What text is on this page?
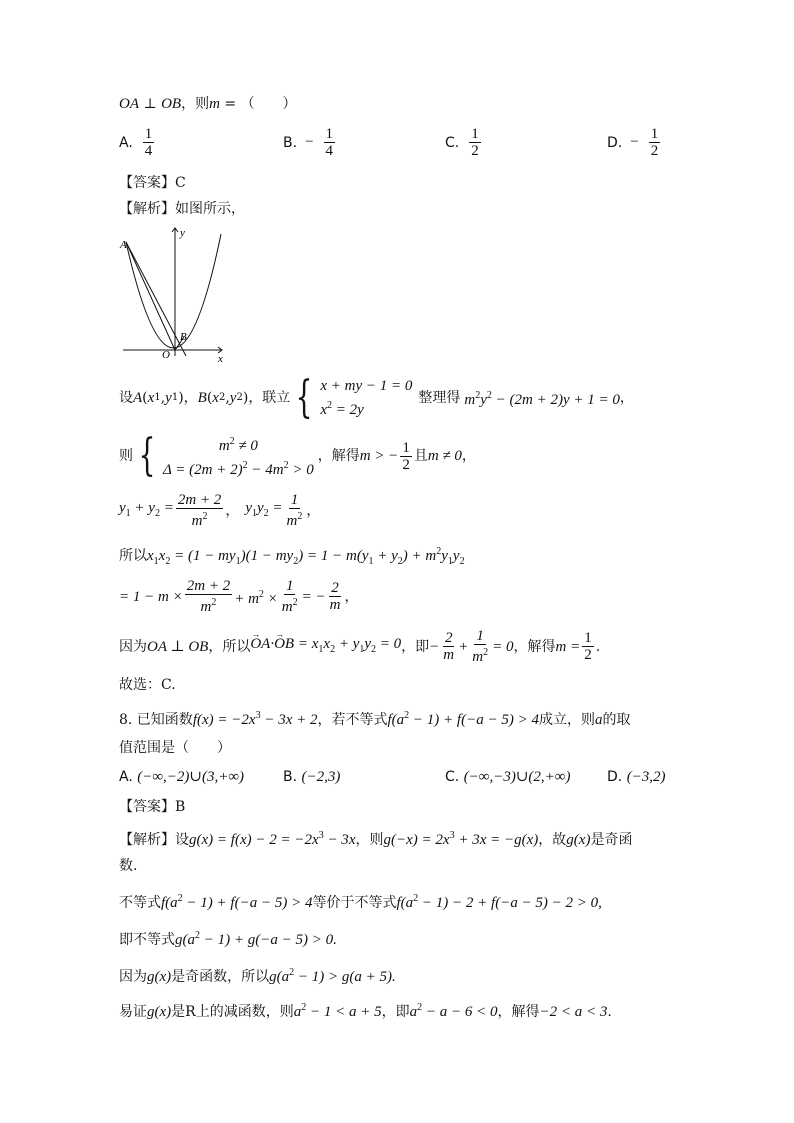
OA ⊥ OB，则m = （　　）
A. $\frac{1}{4}$	B. − $\frac{1}{4}$	C. $\frac{1}{2}$	D. − $\frac{1}{2}$
【答案】C
【解析】如图所示，
A
B
O	x
y
设 A ( x 1 , y 1 )， B ( x 2 , y 2 ) ，联立 { x + my − 1 = 0
$x^2 = 2y$
整理得 $m^2y^2 - (2m + 2)y + 1 = 0$ ，
则 {	$m^2 \ne 0$
$\Delta = (2m + 2)^2 - 4m^2 > 0$
，解得 m > − $\frac{1}{2}$ 且 m ≠ 0 ，
$y_1 + y_2 = \frac{2m + 2}{m^2}$ ， $y_1y_2 = \frac{1}{m^2}$ ，
所以$x_1x_2 = (1 - my_1)(1 - my_2) = 1 - m(y_1 + y_2) + m^2y_1y_2$
= $1 - m \times \frac{2m + 2}{m^2} + m^2 \times \frac{1}{m^2}$ = − $\frac{2}{m}$ ，
因为 OA ⊥ OB ，所以
→ OA·→ OB = $x_1x_2 + y_1y_2 = 0$ ，即 − $\frac{2}{m} + \frac{1}{m^2} = 0$ ，解得 $m = \frac{1}{2}$ .
故选：C.
8. 已知函数$f(x) = -2x^3 - 3x + 2$，若不等式$f(a^2 - 1) + f(-a - 5) > 4$成立，则a的取
值范围是（　　）
A. (−∞,−2)∪(3,+∞)	B. (−2,3)	C. (−∞,−3)∪(2,+∞)	D. (−3,2)
【答案】B
【解析】设$g(x) = f(x) - 2 = -2x^3 - 3x$，则$g(-x) = 2x^3 + 3x = -g(x)$，故g(x)是奇函
数.
不等式$f(a^2 - 1) + f(-a - 5) > 4$等价于不等式$f(a^2 - 1) - 2 + f(-a - 5) - 2 > 0$,
即不等式$g(a^2 - 1) + g(-a - 5) > 0$.
因为g(x)是奇函数，所以$g(a^2 - 1) > g(a + 5)$.
易证g(x)是R上的减函数，则$a^2 - 1 < a + 5$，即$a^2 - a - 6 < 0$，解得−2 < a < 3.
